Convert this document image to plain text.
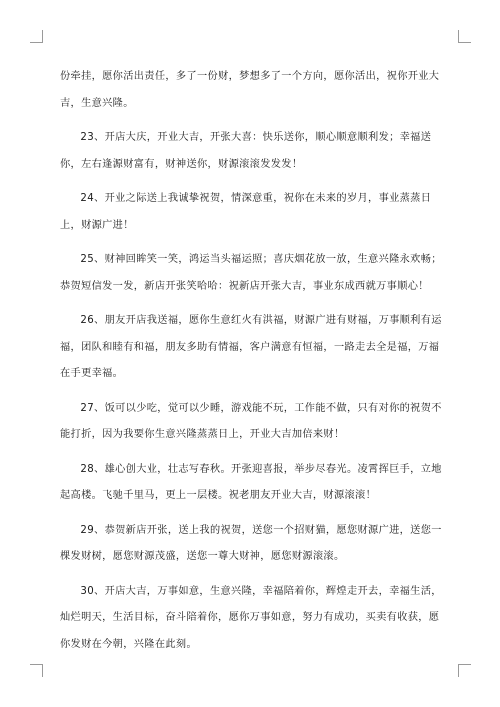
份牵挂，愿你活出责任，多了一份财，梦想多了一个方向，愿你活出，祝你开业大吉，生意兴隆。

23、开店大庆，开业大吉，开张大喜：快乐送你，顺心顺意顺利发；幸福送你，左右逢源财富有，财神送你，财源滚滚发发发！

24、开业之际送上我诚挚祝贺，情深意重，祝你在未来的岁月，事业蒸蒸日上，财源广进！

25、财神回眸笑一笑，鸿运当头福运照；喜庆烟花放一放，生意兴隆永欢畅；恭贺短信发一发，新店开张笑哈哈：祝新店开张大吉，事业东成西就万事顺心！

26、朋友开店我送福，愿你生意红火有洪福，财源广进有财福，万事顺利有运福，团队和睦有和福，朋友多助有情福，客户满意有恒福，一路走去全是福，万福在手更幸福。

27、饭可以少吃，觉可以少睡，游戏能不玩，工作能不做，只有对你的祝贺不能打折，因为我要你生意兴隆蒸蒸日上，开业大吉加倍来财！

28、雄心创大业，壮志写春秋。开张迎喜报，举步尽春光。凌霄挥巨手，立地起高楼。飞驰千里马，更上一层楼。祝老朋友开业大吉，财源滚滚！

29、恭贺新店开张，送上我的祝贺，送您一个招财猫，愿您财源广进，送您一棵发财树，愿您财源茂盛，送您一尊大财神，愿您财源滚滚。

30、开店大吉，万事如意，生意兴隆，幸福陪着你，辉煌走开去，幸福生活，灿烂明天，生活目标，奋斗陪着你，愿你万事如意，努力有成功，买卖有收获，愿你发财在今朝，兴隆在此刻。
